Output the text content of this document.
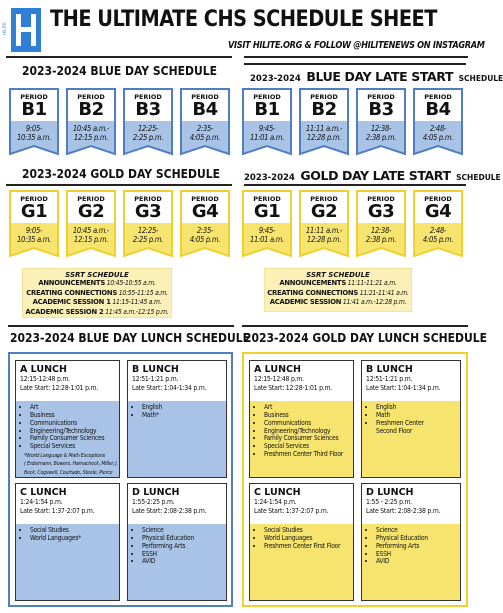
HILITE THE ULTIMATE CHS SCHEDULE SHEET
VISIT HILITE.ORG & FOLLOW @HILITENEWS ON INSTAGRAM
2023-2024 BLUE DAY SCHEDULE
2023-2024 BLUE DAY LATE START SCHEDULE
PERIOD
B1
9:05-
10:35 a.m.
PERIOD
B2
10:45 a.m.-
12:15 p.m.
PERIOD
B3
12:25-
2:25 p.m.
PERIOD
B4
2:35-
4:05 p.m.
PERIOD
B1
9:45-
11:01 a.m.
PERIOD
B2
11:11 a.m.-
12:28 p.m.
PERIOD
B3
12:38-
2:38 p.m.
PERIOD
B4
2:48-
4:05 p.m.
2023-2024 GOLD DAY SCHEDULE	2023-2024 GOLD DAY LATE START SCHEDULE
PERIOD
G1
9:05-
10:35 a.m.
PERIOD
G2
10:45 a.m.-
12:15 p.m.
PERIOD
G3
12:25-
2:25 p.m.
PERIOD
G4
2:35-
4:05 p.m.
PERIOD
G1
9:45-
11:01 a.m.
PERIOD
G2
11:11 a.m.-
12:28 p.m.
PERIOD
G3
12:38-
2:38 p.m.
PERIOD
G4
2:48-
4:05 p.m.
SSRT SCHEDULE
ANNOUNCEMENTS 10:45-10:55 a.m.
CREATING CONNECTIONS 10:55-11:15 a.m.
ACADEMIC SESSION 1 11:15-11:45 a.m.
ACADEMIC SESSION 2 11:45 a.m.-12:15 p.m.
SSRT SCHEDULE
ANNOUNCEMENTS 11:11-11:21 a.m.
CREATING CONNECTIONS 11:21-11:41 a.m.
ACADEMIC SESSION 11:41 a.m.-12:28 p.m.
2023-2024 BLUE DAY LUNCH SCHEDULE
2023-2024 GOLD DAY LUNCH SCHEDULE
A LUNCH
12:15-12:48 p.m.
Late Start: 12:28-1:01 p.m.
• Art
• Business
• Communications
• Engineering/Technology
• Family Consumer Sciences
• Special Services
*World Language & Math Exceptions
( Erdelmann, Bowers, Hamacheck, Miller, J.
Beck, Cogswell, Courtade, Steele, Pierce
B LUNCH
12:51-1:21 p.m.
Late Start: 1:04-1:34 p.m.
• English
• Math*
C LUNCH
1:24-1:54 p.m.
Late Start: 1:37-2:07 p.m.
• Social Studies
• World Languages*
D LUNCH
1:55-2:25 p.m.
Late Start: 2:08-2:38 p.m.
• Science
• Physical Education
• Performing Arts
• ESSH
• AVID
A LUNCH
12:15-12:48 p.m.
Late Start: 12:28-1:01 p.m.
• Art
• Business
• Communications
• Engineering/Technology
• Family Consumer Sciences
• Special Services
• Freshmen Center Third Floor
B LUNCH
12:51-1:21 p.m.
Late Start: 1:04-1:34 p.m.
• English
• Math
• Freshmen Center
Second Floor
C LUNCH
1:24-1:54 p.m.
Late Start: 1:37-2:07 p.m.
• Social Studies
• World Languages
• Freshmen Center First Floor
D LUNCH
1:55 - 2:25 p.m.
Late Start: 2:08-2:38 p.m.
• Science
• Physical Education
• Performing Arts
• ESSH
• AVID
